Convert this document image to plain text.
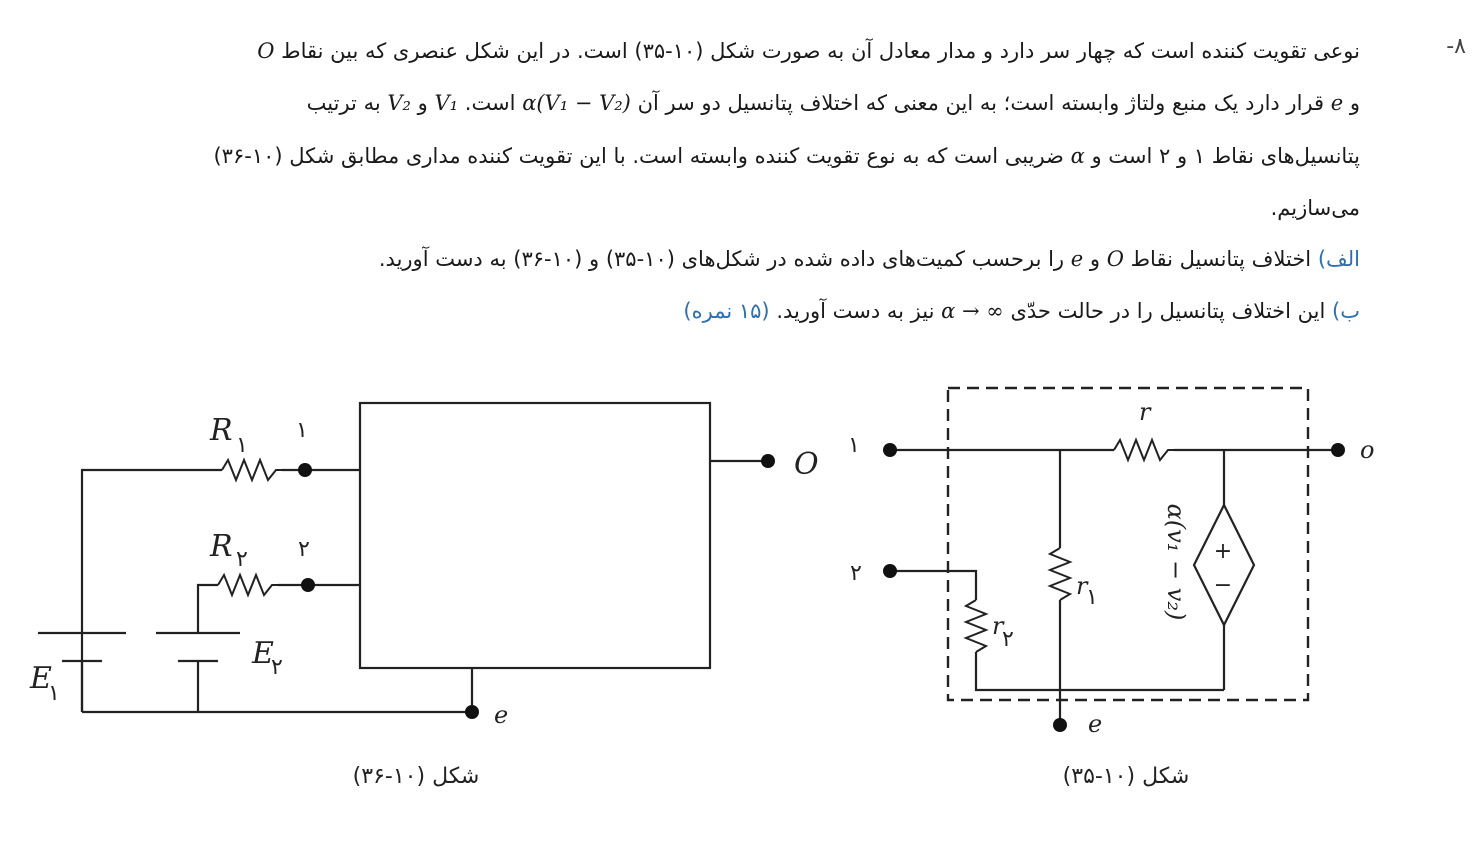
-۸
نوعی تقویت کننده است که چهار سر دارد و مدار معادل آن به صورت شکل (۱۰-۳۵) است. در این شکل عنصری که بین نقاط O
و e قرار دارد یک منبع ولتاژ وابسته است؛ به این معنی که اختلاف پتانسیل دو سر آن α(V₁ − V₂) است. V₁ و V₂ به ترتیب
پتانسیل‌های نقاط ۱ و ۲ است و α ضریبی است که به نوع تقویت کننده وابسته است. با این تقویت کننده مداری مطابق شکل (۱۰-۳۶)
می‌سازیم.
الف) اختلاف پتانسیل نقاط O و e را برحسب کمیت‌های داده شده در شکل‌های (۱۰-۳۵) و (۱۰-۳۶) به دست آورید.
ب) این اختلاف پتانسیل را در حالت حدّی α → ∞ نیز به دست آورید. (۱۵ نمره)
R ۱
R ۲
۱
۲
E
۱
E
۲
O
e
شکل (۱۰-۳۶)
r
r
۱
r
۲
+
−
α(v₁ − v₂)
۱
۲
o
e
شکل (۱۰-۳۵)
